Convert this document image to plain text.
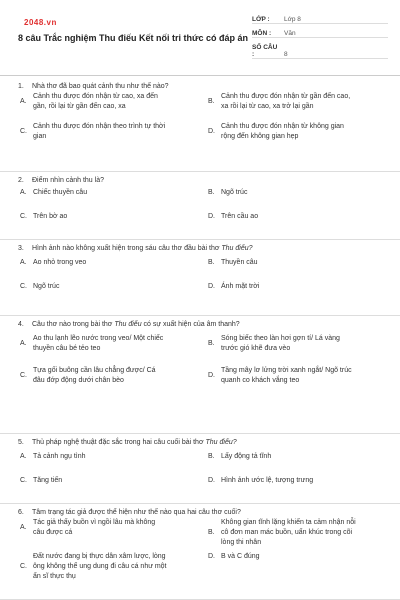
2048.vn
8 câu Trắc nghiệm Thu điếu Kết nối tri thức có đáp án
LỚP : Lớp 8
MÔN : Văn
SỐ CÂU :	8
1. Nhà thơ đã bao quát cảnh thu như thế nào?
A.
Cảnh thu được đón nhận từ cao, xa đến
gần, rồi lại từ gần đến cao, xa
B.
Cảnh thu được đón nhận từ gần đến cao,
xa rồi lại từ cao, xa trở lại gần
C.
Cảnh thu được đón nhận theo trình tự thời
gian
D.
Cảnh thu được đón nhận từ không gian
rộng đến không gian hẹp
2. Điểm nhìn cảnh thu là?
A. Chiếc thuyền câu	B. Ngõ trúc
C. Trên bờ ao	D. Trên cầu ao
3. Hình ảnh nào không xuất hiện trong sáu câu thơ đầu bài thơ Thu điếu?
A. Ao nhỏ trong veo	B. Thuyền câu
C. Ngõ trúc	D. Ánh mặt trời
4. Câu thơ nào trong bài thơ Thu điếu có sự xuất hiện của âm thanh?
A.
Ao thu lạnh lẽo nước trong veo/ Một chiếc
thuyền câu bé tẻo teo
B.
Sóng biếc theo làn hơi gợn tí/ Lá vàng
trước gió khẽ đưa vèo
C.
Tựa gối buông cần lâu chẳng được/ Cá
đâu đớp động dưới chân bèo
D.
Tầng mây lơ lửng trời xanh ngắt/ Ngõ trúc
quanh co khách vắng teo
5. Thủ pháp nghệ thuật đặc sắc trong hai câu cuối bài thơ Thu điếu?
A. Tả cảnh ngụ tình	B. Lấy động tả tĩnh
C. Tăng tiến	D. Hình ảnh ước lệ, tượng trưng
6. Tâm trạng tác giả được thể hiện như thế nào qua hai câu thơ cuối?
A.
Tác giả thấy buồn vì ngồi lâu mà không
câu được cá	B.
Không gian tĩnh lặng khiến ta cảm nhận nỗi
cô đơn man mác buồn, uẩn khúc trong cõi
lòng thi nhân
C.
Đất nước đang bị thực dân xâm lược, lòng
ông không thể ung dung đi câu cá như một
ẩn sĩ thực thụ
D. B và C đúng
